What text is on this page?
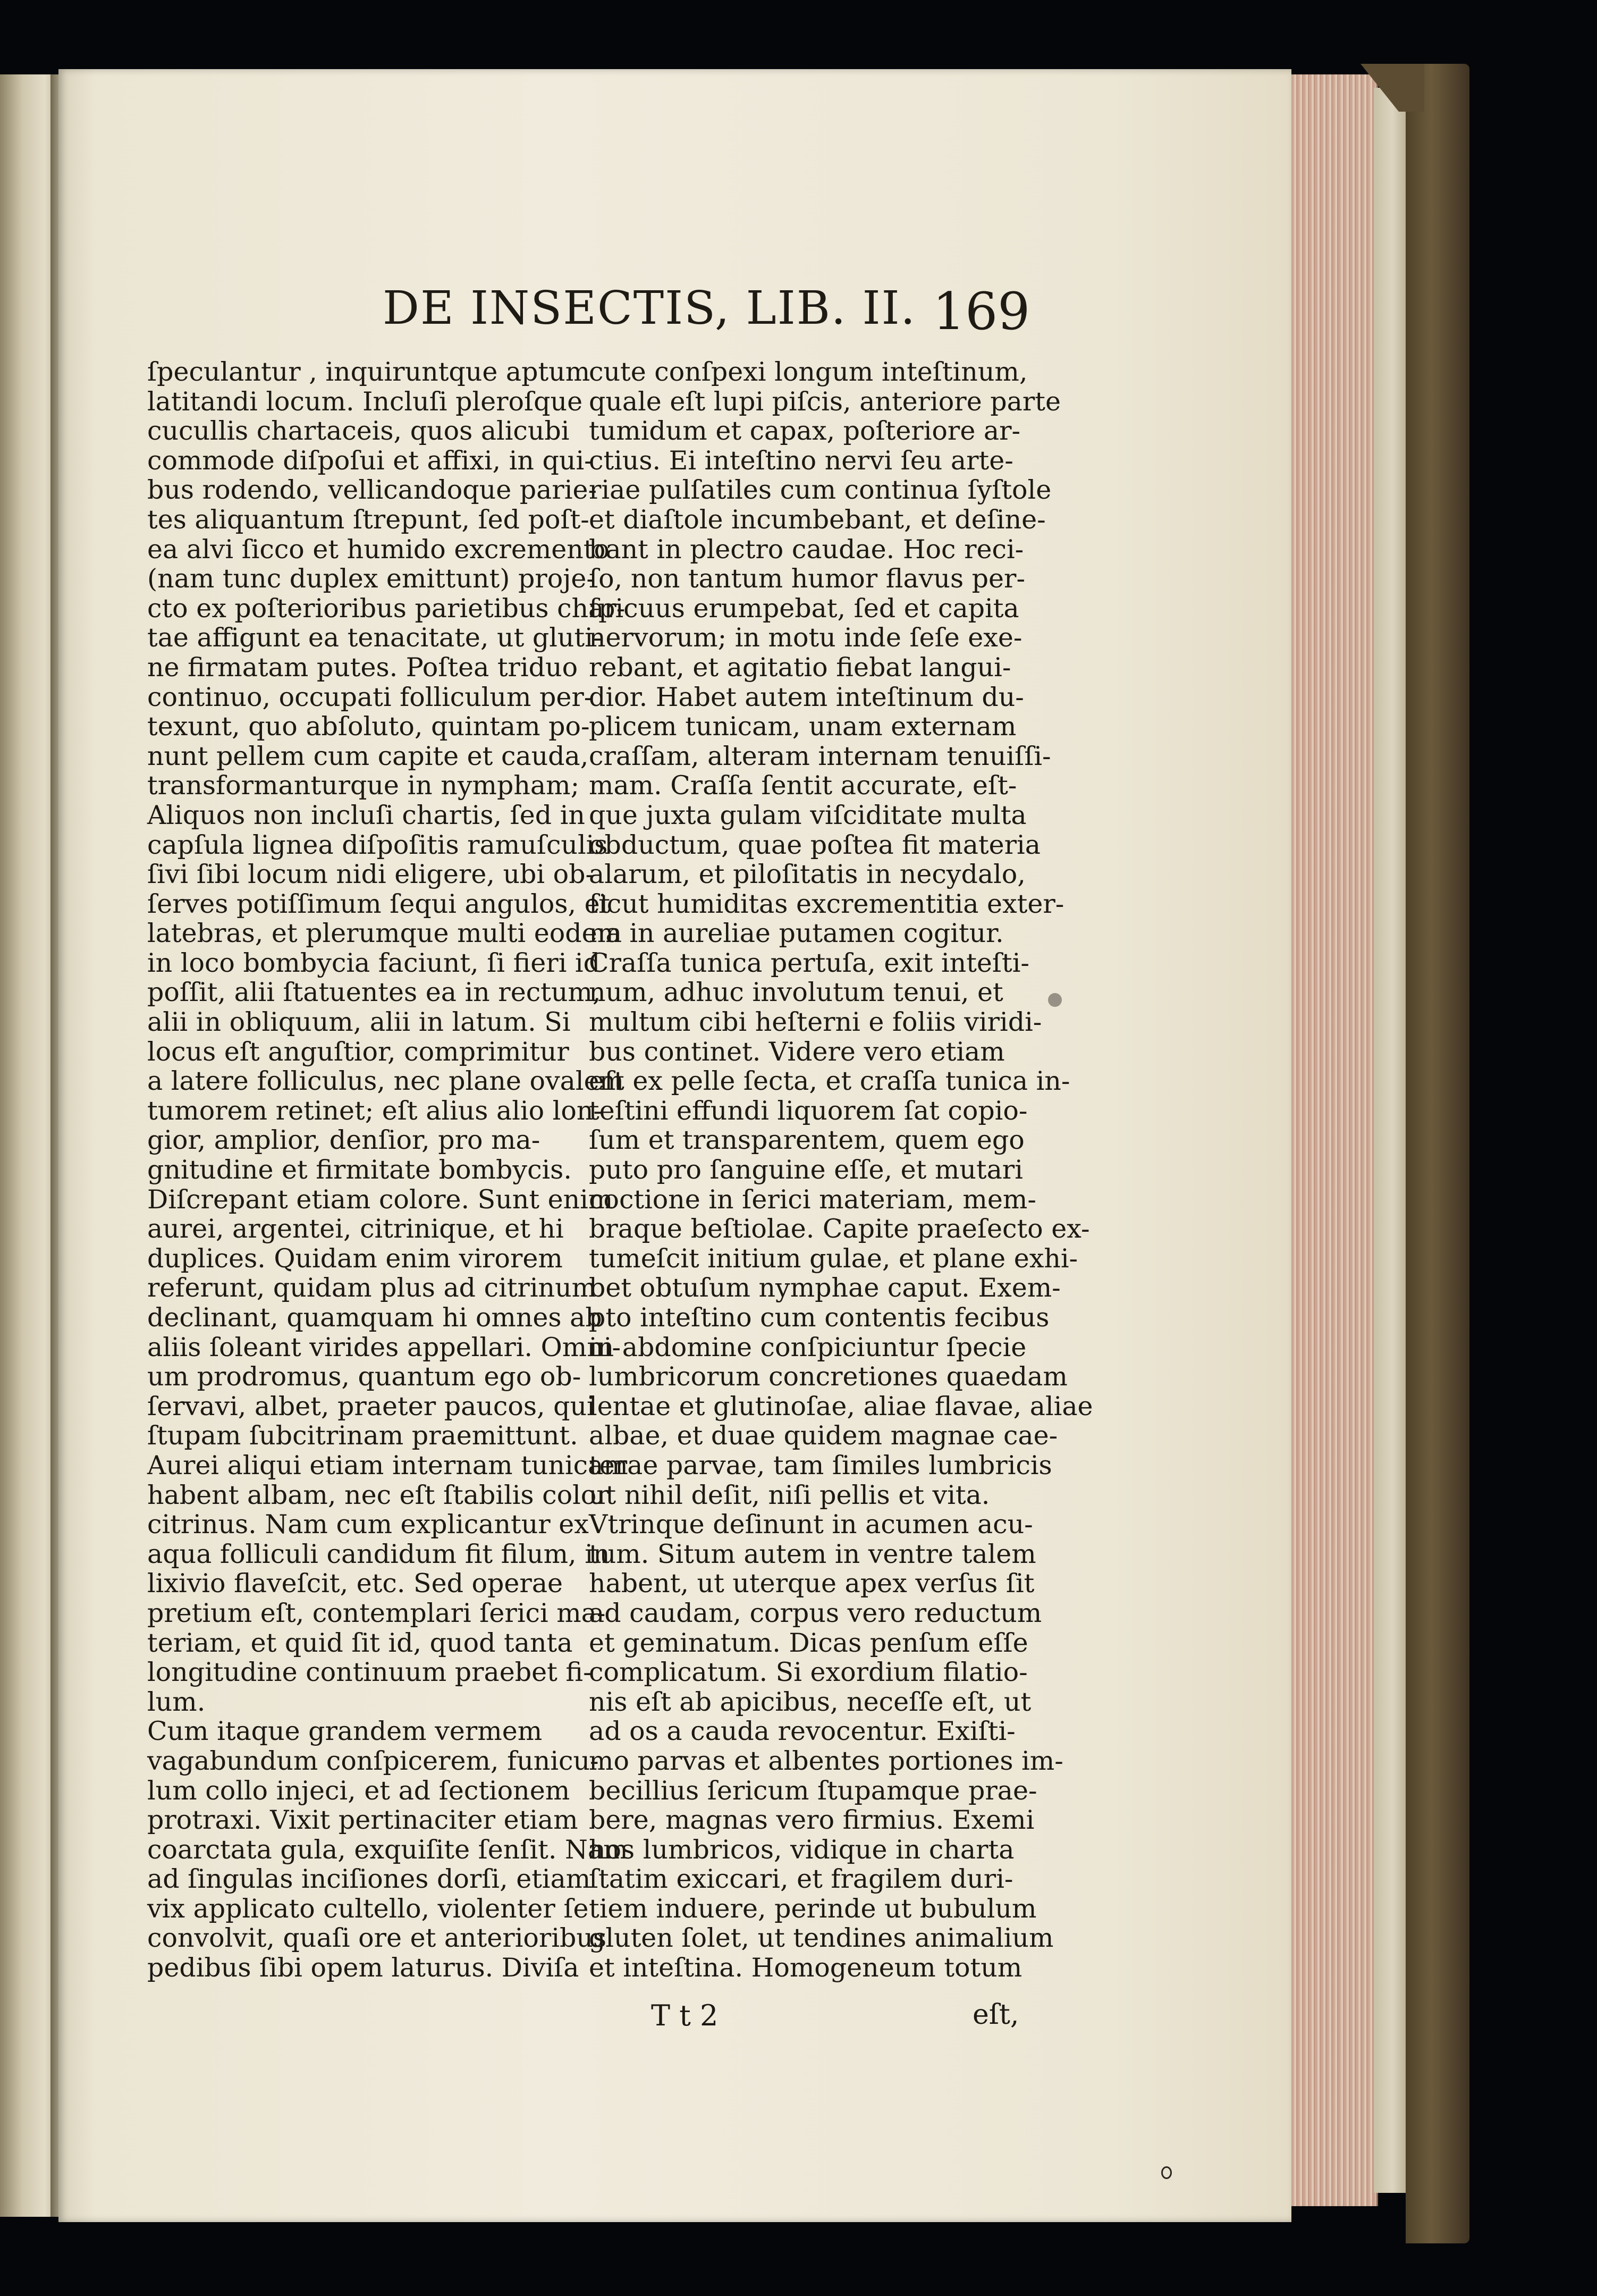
DE INSECTIS, LIB. II. 169
ſpeculantur , inquiruntque aptum
latitandi locum. Incluſi pleroſque
cucullis chartaceis, quos alicubi
commode diſpoſui et affixi, in qui-
bus rodendo, vellicandoque parie-
tes aliquantum ſtrepunt, ſed poſt-
ea alvi ſicco et humido excremento
(nam tunc duplex emittunt) proje-
cto ex poſterioribus parietibus char-
tae affigunt ea tenacitate, ut gluti-
ne firmatam putes. Poſtea triduo
continuo, occupati folliculum per-
texunt, quo abſoluto, quintam po-
nunt pellem cum capite et cauda,
transformanturque in nympham;
Aliquos non incluſi chartis, ſed in
capſula lignea diſpoſitis ramuſculis
ſivi ſibi locum nidi eligere, ubi ob-
ſerves potiſſimum ſequi angulos, et
latebras, et plerumque multi eodem
in loco bombycia faciunt, ſi fieri id
poſſit, alii ſtatuentes ea in rectum,
alii in obliquum, alii in latum. Si
locus eſt anguſtior, comprimitur
a latere folliculus, nec plane ovalem
tumorem retinet; eſt alius alio lon-
gior, amplior, denſior, pro ma-
gnitudine et firmitate bombycis.
Diſcrepant etiam colore. Sunt enim
aurei, argentei, citrinique, et hi
duplices. Quidam enim virorem
referunt, quidam plus ad citrinum
declinant, quamquam hi omnes ab
aliis ſoleant virides appellari. Omni-
um prodromus, quantum ego ob-
ſervavi, albet, praeter paucos, qui
ſtupam ſubcitrinam praemittunt.
Aurei aliqui etiam internam tunicam
habent albam, nec eſt ſtabilis color
citrinus. Nam cum explicantur ex
aqua folliculi candidum fit filum, in
lixivio flaveſcit, etc. Sed operae
pretium eſt, contemplari ſerici ma-
teriam, et quid ſit id, quod tanta
longitudine continuum praebet fi-
lum.
Cum itaque grandem vermem
vagabundum conſpicerem, funicu-
lum collo injeci, et ad ſectionem
protraxi. Vixit pertinaciter etiam
coarctata gula, exquiſite ſenſit. Nam
ad ſingulas inciſiones dorſi, etiam
vix applicato cultello, violenter ſe
convolvit, quaſi ore et anterioribus
pedibus ſibi opem laturus. Diviſa
cute conſpexi longum inteſtinum,
quale eſt lupi piſcis, anteriore parte
tumidum et capax, poſteriore ar-
ctius. Ei inteſtino nervi ſeu arte-
riae pulſatiles cum continua ſyſtole
et diaſtole incumbebant, et deſine-
bant in plectro caudae. Hoc reci-
ſo, non tantum humor flavus per-
ſpicuus erumpebat, ſed et capita
nervorum; in motu inde ſeſe exe-
rebant, et agitatio fiebat langui-
dior. Habet autem inteſtinum du-
plicem tunicam, unam externam
craſſam, alteram internam tenuiſſi-
mam. Craſſa ſentit accurate, eſt-
que juxta gulam viſciditate multa
obductum, quae poſtea fit materia
alarum, et piloſitatis in necydalo,
ſicut humiditas excrementitia exter-
na in aureliae putamen cogitur.
Craſſa tunica pertuſa, exit inteſti-
num, adhuc involutum tenui, et
multum cibi heſterni e foliis viridi-
bus continet. Videre vero etiam
eſt ex pelle ſecta, et craſſa tunica in-
teſtini effundi liquorem ſat copio-
ſum et transparentem, quem ego
puto pro ſanguine eſſe, et mutari
coctione in ſerici materiam, mem-
braque beſtiolae. Capite praeſecto ex-
tumeſcit initium gulae, et plane exhi-
bet obtuſum nymphae caput. Exem-
pto inteſtino cum contentis fecibus
in abdomine conſpiciuntur ſpecie
lumbricorum concretiones quaedam
lentae et glutinoſae, aliae flavae, aliae
albae, et duae quidem magnae cae-
terae parvae, tam ſimiles lumbricis
ut nihil deſit, niſi pellis et vita.
Vtrinque deſinunt in acumen acu-
tum. Situm autem in ventre talem
habent, ut uterque apex verſus ſit
ad caudam, corpus vero reductum
et geminatum. Dicas penſum eſſe
complicatum. Si exordium filatio-
nis eſt ab apicibus, neceſſe eſt, ut
ad os a cauda revocentur. Exiſti-
mo parvas et albentes portiones im-
becillius ſericum ſtupamque prae-
bere, magnas vero firmius. Exemi
hos lumbricos, vidique in charta
ſtatim exiccari, et fragilem duri-
tiem induere, perinde ut bubulum
gluten ſolet, ut tendines animalium
et inteſtina. Homogeneum totum
T t 2	eſt,
